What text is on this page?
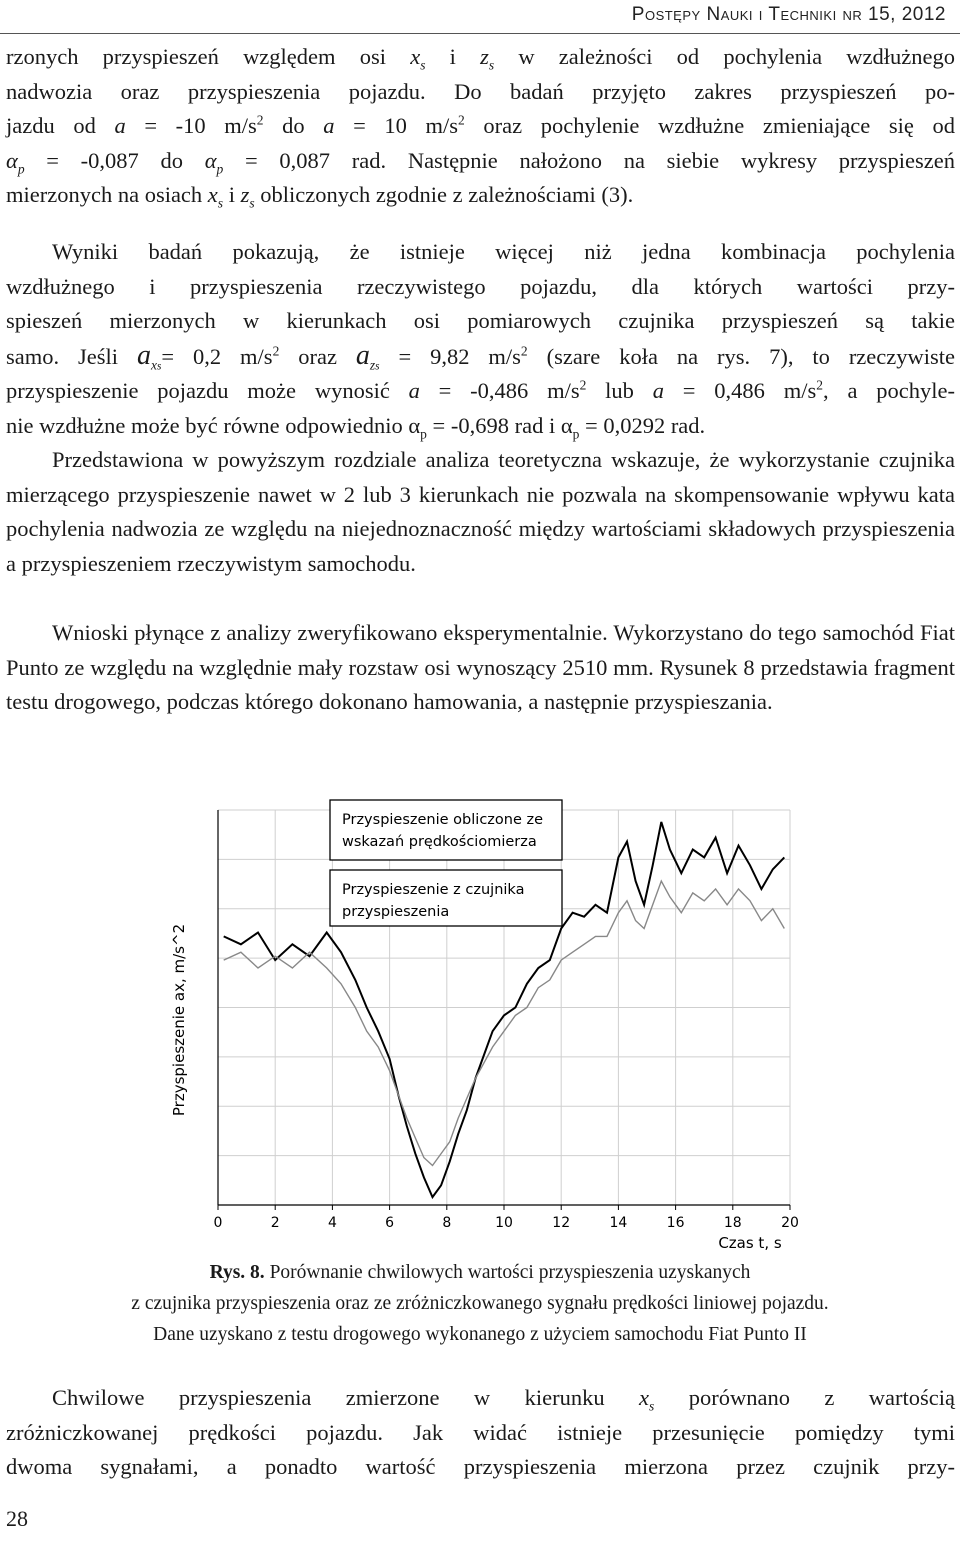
Postępy Nauki i Techniki nr 15, 2012
rzonych przyspieszeń względem osi $x_s$ i $z_s$ w zależności od pochylenia wzdłużnego
nadwozia oraz przyspieszenia pojazdu. Do badań przyjęto zakres przyspieszeń po-
jazdu od a = -10 $m/s^2$ do a = 10 $m/s^2$ oraz pochylenie wzdłużne zmieniające się od
$\alpha_p = -0,087$ do $\alpha_p = 0,087$ rad. Następnie nałożono na siebie wykresy przyspieszeń
mierzonych na osiach $x_s$ i $z_s$ obliczonych zgodnie z zależnościami (3).
Wyniki badań pokazują, że istnieje więcej niż jedna kombinacja pochylenia
wzdłużnego i przyspieszenia rzeczywistego pojazdu, dla których wartości przy-
spieszeń mierzonych w kierunkach osi pomiarowych czujnika przyspieszeń są takie
samo. Jeśli $a_{xs}= 0,2$ $m/s^2$ oraz $a_{zs} = 9,82$ $m/s^2$ (szare koła na rys. 7), to rzeczywiste
przyspieszenie pojazdu może wynosić a = -0,486 $m/s^2$ lub a = 0,486 $m/s^2$, a pochyle-
nie wzdłużne może być równe odpowiednio $\alpha_p = -0,698$ rad i $\alpha_p = 0,0292$ rad.

Przedstawiona w powyższym rozdziale analiza teoretyczna wskazuje, że wykorzystanie czujnika mierzącego przyspieszenie nawet w 2 lub 3 kierunkach nie pozwala na skompensowanie wpływu kata pochylenia nadwozia ze względu na niejednoznaczność między wartościami składowych przyspieszenia a przyspieszeniem rzeczywistym samochodu.

Wnioski płynące z analizy zweryfikowano eksperymentalnie. Wykorzystano do tego samochód Fiat Punto ze względu na względnie mały rozstaw osi wynoszący 2510 mm. Rysunek 8 przedstawia fragment testu drogowego, podczas którego dokonano hamowania, a następnie przyspieszania.

0	2	4	6	8	10	12	14	16	18	20
Przyspieszenie ax, m/s^2
Czas t, s
Przyspieszenie obliczone ze
wskazań prędkościomierza
Przyspieszenie z czujnika
przyspieszenia
Rys. 8. Porównanie chwilowych wartości przyspieszenia uzyskanych
z czujnika przyspieszenia oraz ze zróżniczkowanego sygnału prędkości liniowej pojazdu.
Dane uzyskano z testu drogowego wykonanego z użyciem samochodu Fiat Punto II
Chwilowe przyspieszenia zmierzone w kierunku $x_s$ porównano z wartością
zróżniczkowanej prędkości pojazdu. Jak widać istnieje przesunięcie pomiędzy tymi
dwoma sygnałami, a ponadto wartość przyspieszenia mierzona przez czujnik przy-
28
